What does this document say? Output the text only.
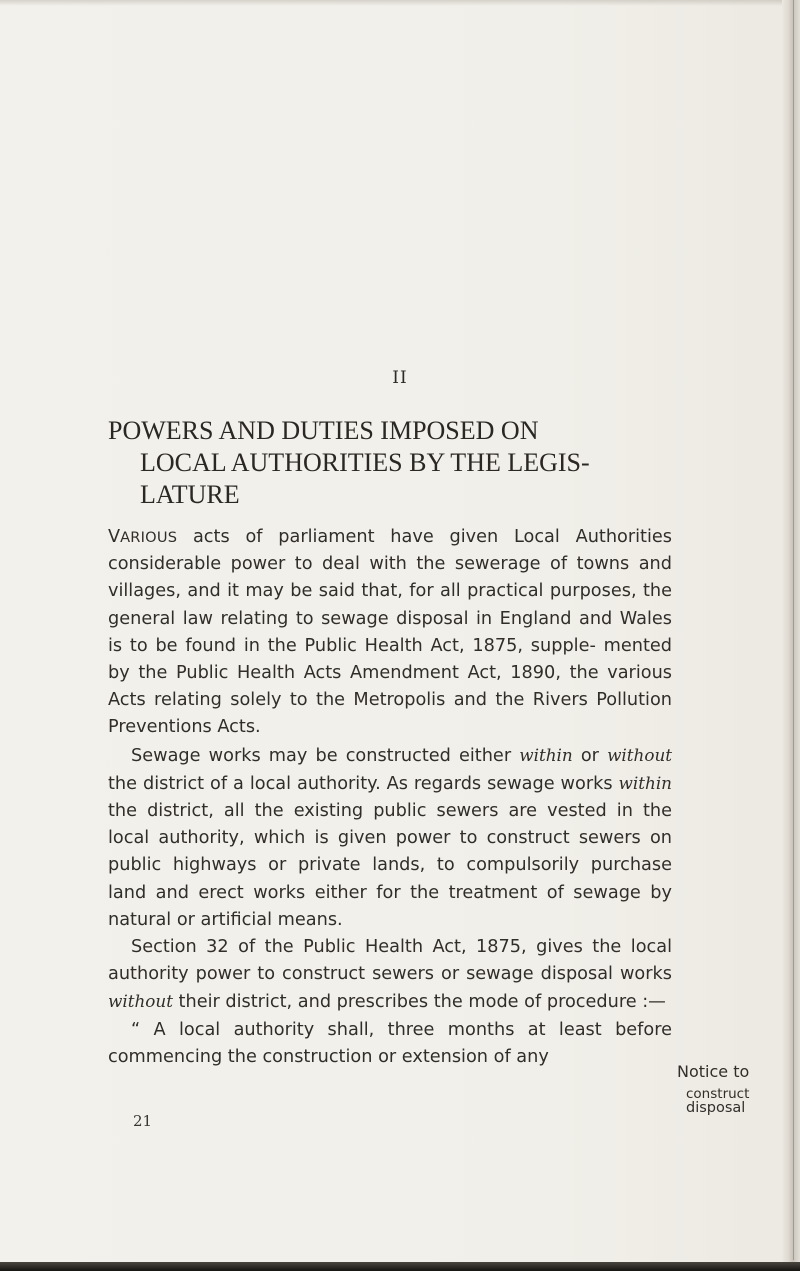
II
POWERS AND DUTIES IMPOSED ON
LOCAL AUTHORITIES BY THE LEGIS-
LATURE

VARIOUS acts of parliament have given Local Authorities considerable power to deal with the sewerage of towns and villages, and it may be said that, for all practical purposes, the general law relating to sewage disposal in England and Wales is to be found in the Public Health Act, 1875, supple- mented by the Public Health Acts Amendment Act, 1890, the various Acts relating solely to the Metropolis and the Rivers Pollution Preventions Acts.

Sewage works may be constructed either within or without the district of a local authority. As regards sewage works within the district, all the existing public sewers are vested in the local authority, which is given power to construct sewers on public highways or private lands, to compulsorily purchase land and erect works either for the treatment of sewage by natural or artificial means.

Section 32 of the Public Health Act, 1875, gives the local authority power to construct sewers or sewage disposal works without their district, and prescribes the mode of procedure :—

“ A local authority shall, three months at least before commencing the construction or extension of any

Notice to
construct
disposal
21
